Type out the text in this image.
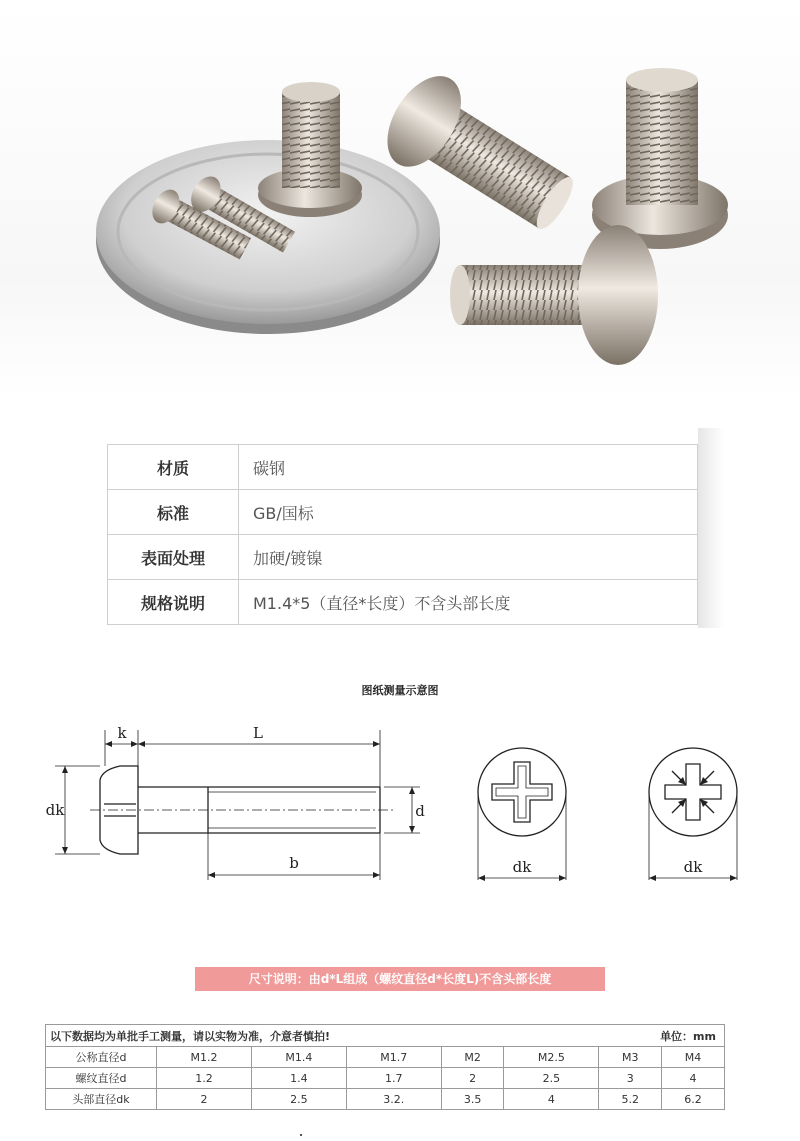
材质	碳钢
标准	GB/国标
表面处理	加硬/镀镍
规格说明	M1.4*5（直径*长度）不含头部长度
图纸测量示意图
k	L
dk	d
b	dk	dk
尺寸说明：由d*L组成（螺纹直径d*长度L)不含头部长度
以下数据均为单批手工测量，请以实物为准，介意者慎拍! 单位：mm							

公称直径d	M1.2	M1.4	M1.7	M2	M2.5	M3	M4
螺纹直径d	1.2	1.4	1.7	2	2.5	3	4
头部直径dk	2	2.5	3.2.	3.5	4	5.2	6.2
